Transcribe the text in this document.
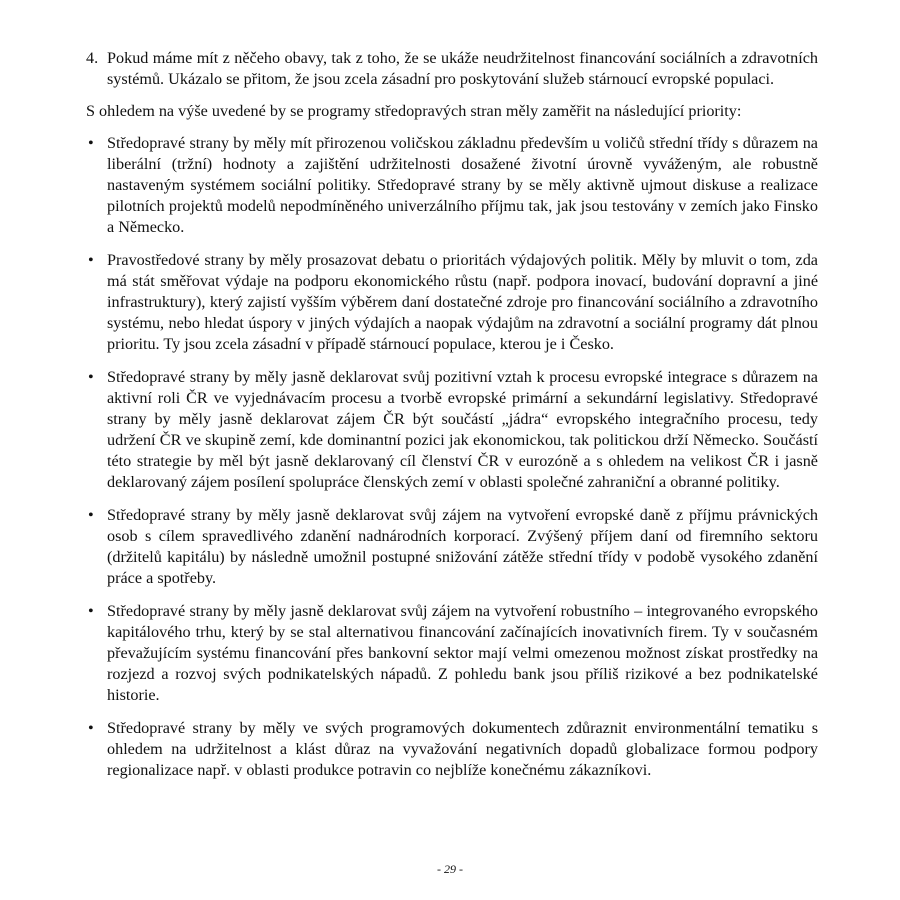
4. Pokud máme mít z něčeho obavy, tak z toho, že se ukáže neudržitelnost financování sociálních a zdravotních systémů. Ukázalo se přitom, že jsou zcela zásadní pro poskytování služeb stárnoucí evropské populaci.

S ohledem na výše uvedené by se programy středopravých stran měly zaměřit na následující priority:

• Středopravé strany by měly mít přirozenou voličskou základnu především u voličů střední třídy s důrazem na liberální (tržní) hodnoty a zajištění udržitelnosti dosažené životní úrovně vyváženým, ale robustně nastaveným systémem sociální politiky. Středopravé strany by se měly aktivně ujmout diskuse a realizace pilotních projektů modelů nepodmíněného univerzálního příjmu tak, jak jsou testovány v zemích jako Finsko a Německo.
• Pravostředové strany by měly prosazovat debatu o prioritách výdajových politik. Měly by mluvit o tom, zda má stát směřovat výdaje na podporu ekonomického růstu (např. podpora inovací, budování dopravní a jiné infrastruktury), který zajistí vyšším výběrem daní dostatečné zdroje pro financování sociálního a zdravotního systému, nebo hledat úspory v jiných výdajích a naopak výdajům na zdravotní a sociální programy dát plnou prioritu. Ty jsou zcela zásadní v případě stárnoucí populace, kterou je i Česko.
• Středopravé strany by měly jasně deklarovat svůj pozitivní vztah k procesu evropské integrace s důrazem na aktivní roli ČR ve vyjednávacím procesu a tvorbě evropské primární a sekundární legislativy. Středopravé strany by měly jasně deklarovat zájem ČR být součástí „jádra“ evropského integračního procesu, tedy udržení ČR ve skupině zemí, kde dominantní pozici jak ekonomickou, tak politickou drží Německo. Součástí této strategie by měl být jasně deklarovaný cíl členství ČR v eurozóně a s ohledem na velikost ČR i jasně deklarovaný zájem posílení spolupráce členských zemí v oblasti společné zahraniční a obranné politiky.
• Středopravé strany by měly jasně deklarovat svůj zájem na vytvoření evropské daně z příjmu právnických osob s cílem spravedlivého zdanění nadnárodních korporací. Zvýšený příjem daní od firemního sektoru (držitelů kapitálu) by následně umožnil postupné snižování zátěže střední třídy v podobě vysokého zdanění práce a spotřeby.
• Středopravé strany by měly jasně deklarovat svůj zájem na vytvoření robustního – integrovaného evropského kapitálového trhu, který by se stal alternativou financování začínajících inovativních firem. Ty v současném převažujícím systému financování přes bankovní sektor mají velmi omezenou možnost získat prostředky na rozjezd a rozvoj svých podnikatelských nápadů. Z pohledu bank jsou příliš rizikové a bez podnikatelské historie.
• Středopravé strany by měly ve svých programových dokumentech zdůraznit environmentální tematiku s ohledem na udržitelnost a klást důraz na vyvažování negativních dopadů globalizace formou podpory regionalizace např. v oblasti produkce potravin co nejblíže konečnému zákazníkovi.
- 29 -
